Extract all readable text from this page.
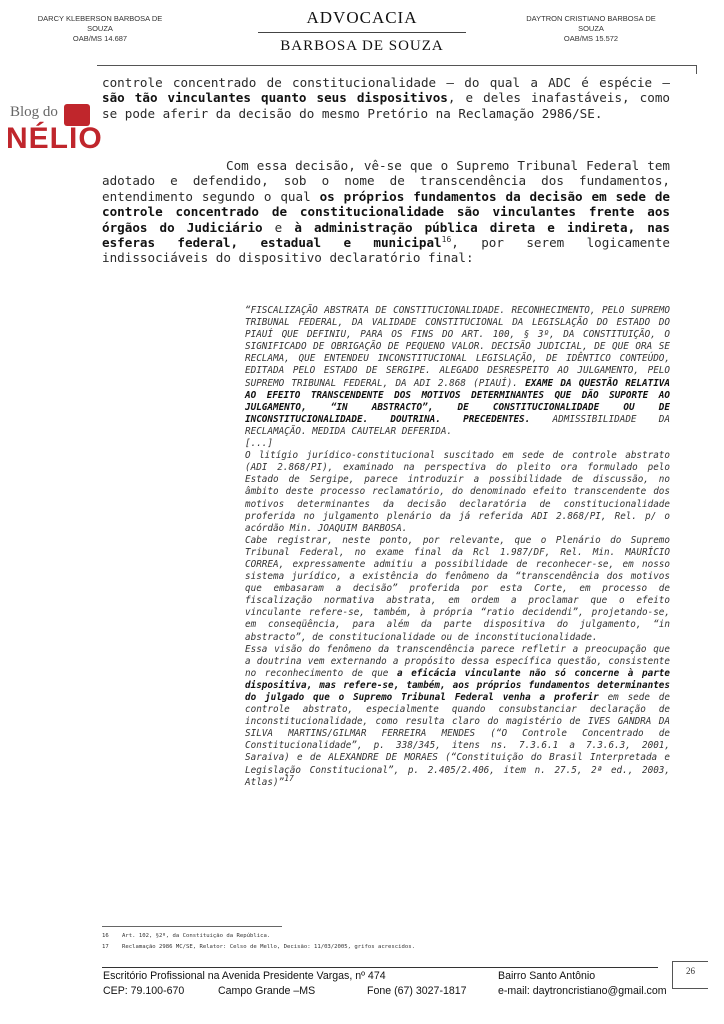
DARCY KLEBERSON BARBOSA DE SOUZA
OAB/MS 14.687
ADVOCACIA
BARBOSA DE SOUZA
DAYTRON CRISTIANO BARBOSA DE SOUZA
OAB/MS 15.572
Blog do
NÉLIO
controle concentrado de constitucionalidade — do qual a ADC é espécie — são tão vinculantes quanto seus dispositivos, e deles inafastáveis, como se pode aferir da decisão do mesmo Pretório na Reclamação 2986/SE.
Com essa decisão, vê-se que o Supremo Tribunal Federal tem adotado e defendido, sob o nome de transcendência dos fundamentos, entendimento segundo o qual os próprios fundamentos da decisão em sede de controle concentrado de constitucionalidade são vinculantes frente aos órgãos do Judiciário e à administração pública direta e indireta, nas esferas federal, estadual e municipal$^{16}$, por serem logicamente indissociáveis do dispositivo declaratório final:

“FISCALIZAÇÃO ABSTRATA DE CONSTITUCIONALIDADE. RECONHECIMENTO, PELO SUPREMO TRIBUNAL FEDERAL, DA VALIDADE CONSTITUCIONAL DA LEGISLAÇÃO DO ESTADO DO PIAUÍ QUE DEFINIU, PARA OS FINS DO ART. 100, § 3º, DA CONSTITUIÇÃO, O SIGNIFICADO DE OBRIGAÇÃO DE PEQUENO VALOR. DECISÃO JUDICIAL, DE QUE ORA SE RECLAMA, QUE ENTENDEU INCONSTITUCIONAL LEGISLAÇÃO, DE IDÊNTICO CONTEÚDO, EDITADA PELO ESTADO DE SERGIPE. ALEGADO DESRESPEITO AO JULGAMENTO, PELO SUPREMO TRIBUNAL FEDERAL, DA ADI 2.868 (PIAUÍ). EXAME DA QUESTÃO RELATIVA AO EFEITO TRANSCENDENTE DOS MOTIVOS DETERMINANTES QUE DÃO SUPORTE AO JULGAMENTO, “IN ABSTRACTO”, DE CONSTITUCIONALIDADE OU DE INCONSTITUCIONALIDADE. DOUTRINA. PRECEDENTES. ADMISSIBILIDADE DA RECLAMAÇÃO. MEDIDA CAUTELAR DEFERIDA.

[...]

O litígio jurídico-constitucional suscitado em sede de controle abstrato (ADI 2.868/PI), examinado na perspectiva do pleito ora formulado pelo Estado de Sergipe, parece introduzir a possibilidade de discussão, no âmbito deste processo reclamatório, do denominado efeito transcendente dos motivos determinantes da decisão declaratória de constitucionalidade proferida no julgamento plenário da já referida ADI 2.868/PI, Rel. p/ o acórdão Min. JOAQUIM BARBOSA.

Cabe registrar, neste ponto, por relevante, que o Plenário do Supremo Tribunal Federal, no exame final da Rcl 1.987/DF, Rel. Min. MAURÍCIO CORREA, expressamente admitiu a possibilidade de reconhecer-se, em nosso sistema jurídico, a existência do fenômeno da “transcendência dos motivos que embasaram a decisão” proferida por esta Corte, em processo de fiscalização normativa abstrata, em ordem a proclamar que o efeito vinculante refere-se, também, à própria “ratio decidendi”, projetando-se, em conseqüência, para além da parte dispositiva do julgamento, “in abstracto”, de constitucionalidade ou de inconstitucionalidade.

Essa visão do fenômeno da transcendência parece refletir a preocupação que a doutrina vem externando a propósito dessa específica questão, consistente no reconhecimento de que a eficácia vinculante não só concerne à parte dispositiva, mas refere-se, também, aos próprios fundamentos determinantes do julgado que o Supremo Tribunal Federal venha a proferir em sede de controle abstrato, especialmente quando consubstanciar declaração de inconstitucionalidade, como resulta claro do magistério de IVES GANDRA DA SILVA MARTINS/GILMAR FERREIRA MENDES (“O Controle Concentrado de Constitucionalidade”, p. 338/345, itens ns. 7.3.6.1 a 7.3.6.3, 2001, Saraiva) e de ALEXANDRE DE MORAES (“Constituição do Brasil Interpretada e Legislação Constitucional”, p. 2.405/2.406, item n. 27.5, 2ª ed., 2003, Atlas)”$^{17}$

16 Art. 102, §2º, da Constituição da República.
17 Reclamação 2986 MC/SE, Relator: Celso de Mello, Decisão: 11/03/2005, grifos acrescidos.
Escritório Profissional na Avenida Presidente Vargas, nº 474
CEP: 79.100-670	Campo Grande –MS	Fone (67) 3027-1817
Bairro Santo Antônio
e-mail: daytroncristiano@gmail.com
26
